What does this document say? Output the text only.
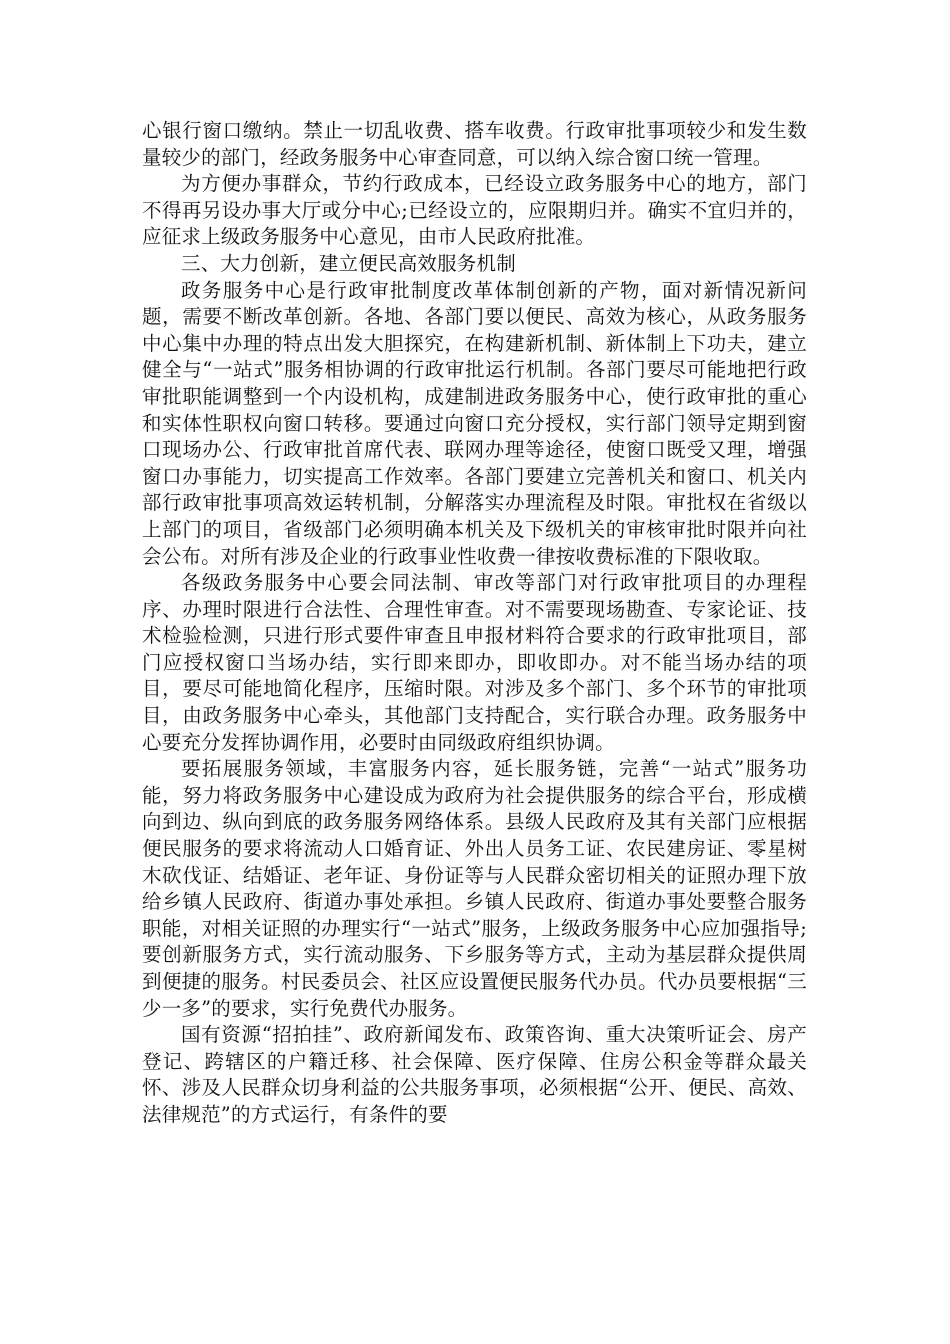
心银行窗口缴纳。禁止一切乱收费、搭车收费。行政审批事项较少和发生数量较少的部门，经政务服务中心审查同意，可以纳入综合窗口统一管理。

为方便办事群众，节约行政成本，已经设立政务服务中心的地方，部门不得再另设办事大厅或分中心;已经设立的，应限期归并。确实不宜归并的，应征求上级政务服务中心意见，由市人民政府批准。

三、大力创新，建立便民高效服务机制

政务服务中心是行政审批制度改革体制创新的产物，面对新情况新问题，需要不断改革创新。各地、各部门要以便民、高效为核心，从政务服务中心集中办理的特点出发大胆探究，在构建新机制、新体制上下功夫，建立健全与“一站式”服务相协调的行政审批运行机制。各部门要尽可能地把行政审批职能调整到一个内设机构，成建制进政务服务中心，使行政审批的重心和实体性职权向窗口转移。要通过向窗口充分授权，实行部门领导定期到窗口现场办公、行政审批首席代表、联网办理等途径，使窗口既受又理，增强窗口办事能力，切实提高工作效率。各部门要建立完善机关和窗口、机关内部行政审批事项高效运转机制，分解落实办理流程及时限。审批权在省级以上部门的项目，省级部门必须明确本机关及下级机关的审核审批时限并向社会公布。对所有涉及企业的行政事业性收费一律按收费标准的下限收取。

各级政务服务中心要会同法制、审改等部门对行政审批项目的办理程序、办理时限进行合法性、合理性审查。对不需要现场勘查、专家论证、技术检验检测，只进行形式要件审查且申报材料符合要求的行政审批项目，部门应授权窗口当场办结，实行即来即办，即收即办。对不能当场办结的项目，要尽可能地简化程序，压缩时限。对涉及多个部门、多个环节的审批项目，由政务服务中心牵头，其他部门支持配合，实行联合办理。政务服务中心要充分发挥协调作用，必要时由同级政府组织协调。

要拓展服务领域，丰富服务内容，延长服务链，完善“一站式”服务功能，努力将政务服务中心建设成为政府为社会提供服务的综合平台，形成横向到边、纵向到底的政务服务网络体系。县级人民政府及其有关部门应根据便民服务的要求将流动人口婚育证、外出人员务工证、农民建房证、零星树木砍伐证、结婚证、老年证、身份证等与人民群众密切相关的证照办理下放给乡镇人民政府、街道办事处承担。乡镇人民政府、街道办事处要整合服务职能，对相关证照的办理实行“一站式”服务，上级政务服务中心应加强指导;要创新服务方式，实行流动服务、下乡服务等方式，主动为基层群众提供周到便捷的服务。村民委员会、社区应设置便民服务代办员。代办员要根据“三少一多”的要求，实行免费代办服务。

国有资源“招拍挂”、政府新闻发布、政策咨询、重大决策听证会、房产登记、跨辖区的户籍迁移、社会保障、医疗保障、住房公积金等群众最关怀、涉及人民群众切身利益的公共服务事项，必须根据“公开、便民、高效、法律规范”的方式运行，有条件的要
